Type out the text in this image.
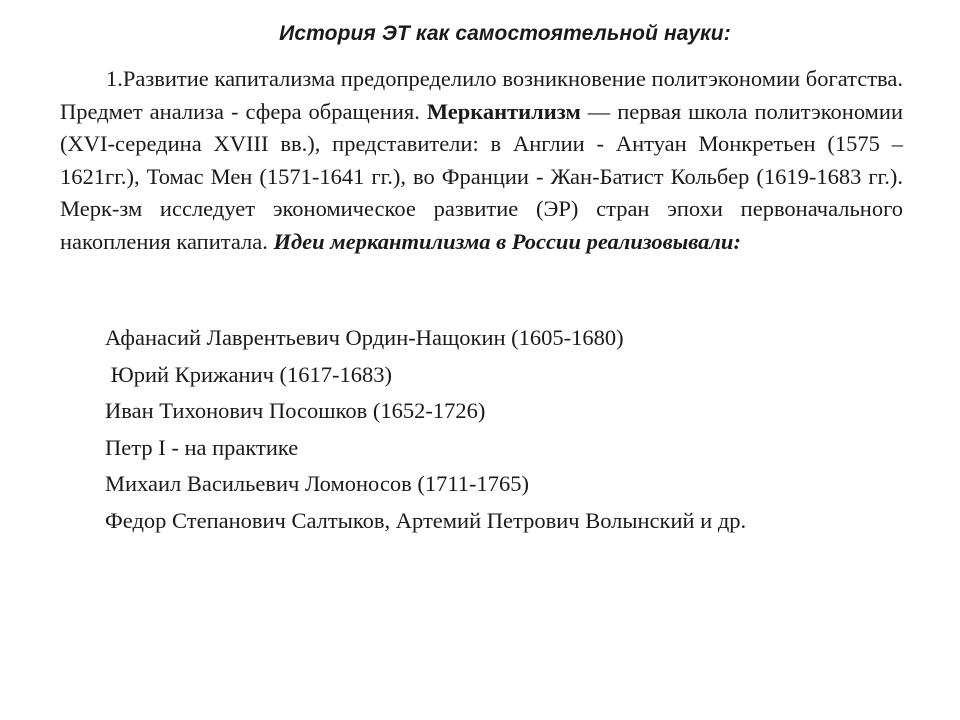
История ЭТ как самостоятельной науки:

1.Развитие капитализма предопределило возникновение политэкономии богатства. Предмет анализа - сфера обращения. Меркантилизм — первая школа политэкономии (XVI-середина XVIII вв.), представители: в Англии - Антуан Монкретьен (1575 – 1621гг.), Томас Мен (1571-1641 гг.), во Франции - Жан-Батист Кольбер (1619-1683 гг.). Мерк-зм исследует экономическое развитие (ЭР) стран эпохи первоначального накопления капитала. Идеи меркантилизма в России реализовывали:

Афанасий Лаврентьевич Ордин-Нащокин (1605-1680)
Юрий Крижанич (1617-1683)
Иван Тихонович Посошков (1652-1726)
Петр I - на практике
Михаил Васильевич Ломоносов (1711-1765)
Федор Степанович Салтыков, Артемий Петрович Волынский и др.
